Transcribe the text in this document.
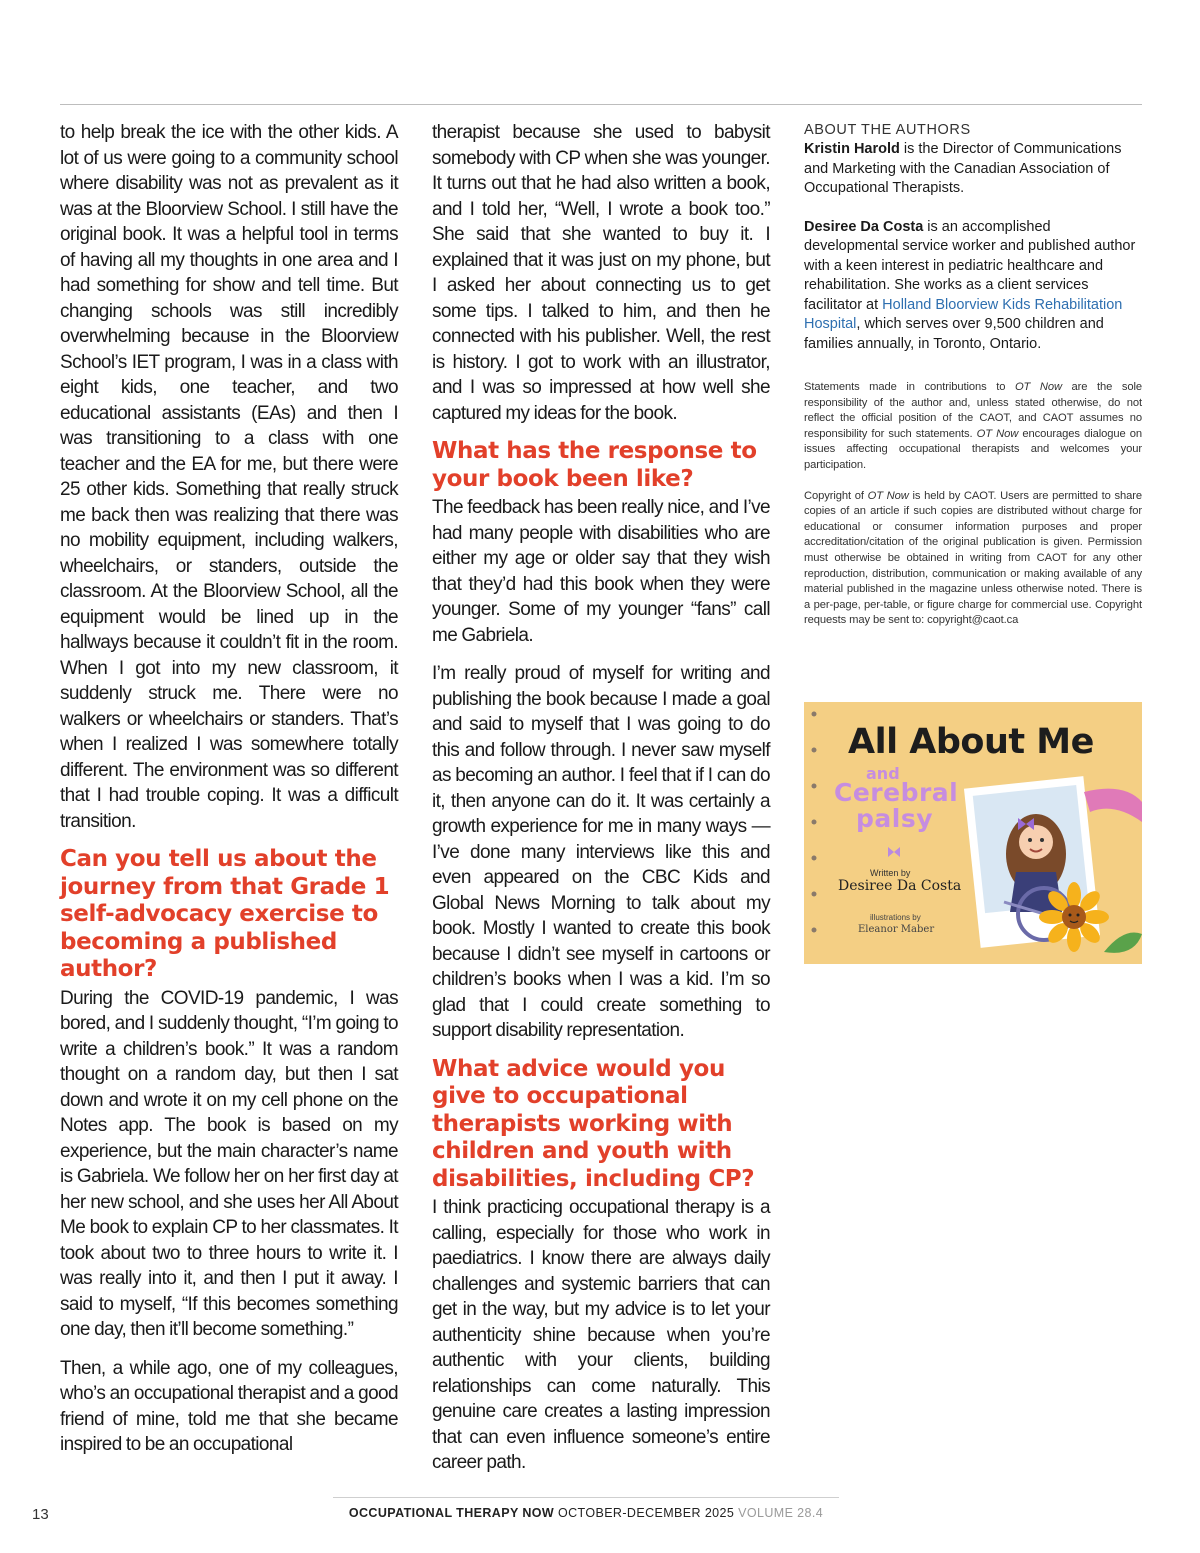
to help break the ice with the other kids. A lot of us were going to a community school where disability was not as prevalent as it was at the Bloorview School. I still have the original book. It was a helpful tool in terms of having all my thoughts in one area and I had something for show and tell time. But changing schools was still incredibly overwhelming because in the Bloorview School’s IET program, I was in a class with eight kids, one teacher, and two educational assistants (EAs) and then I was transitioning to a class with one teacher and the EA for me, but there were 25 other kids. Something that really struck me back then was realizing that there was no mobility equipment, including walkers, wheelchairs, or standers, outside the classroom. At the Bloorview School, all the equipment would be lined up in the hallways because it couldn’t fit in the room. When I got into my new classroom, it suddenly struck me. There were no walkers or wheelchairs or standers. That’s when I realized I was somewhere totally different. The environment was so different that I had trouble coping. It was a difficult transition.

Can you tell us about the journey from that Grade 1 self-advocacy exercise to becoming a published author?

During the COVID-19 pandemic, I was bored, and I suddenly thought, “I’m going to write a children’s book.” It was a random thought on a random day, but then I sat down and wrote it on my cell phone on the Notes app. The book is based on my experience, but the main character’s name is Gabriela. We follow her on her first day at her new school, and she uses her All About Me book to explain CP to her classmates. It took about two to three hours to write it. I was really into it, and then I put it away. I said to myself, “If this becomes something one day, then it’ll become something.”

Then, a while ago, one of my colleagues, who’s an occupational therapist and a good friend of mine, told me that she became inspired to be an occupational

therapist because she used to babysit somebody with CP when she was younger. It turns out that he had also written a book, and I told her, “Well, I wrote a book too.” She said that she wanted to buy it. I explained that it was just on my phone, but I asked her about connecting us to get some tips. I talked to him, and then he connected with his publisher. Well, the rest is history. I got to work with an illustrator, and I was so impressed at how well she captured my ideas for the book.

What has the response to your book been like?

The feedback has been really nice, and I’ve had many people with disabilities who are either my age or older say that they wish that they’d had this book when they were younger. Some of my younger “fans” call me Gabriela.

I’m really proud of myself for writing and publishing the book because I made a goal and said to myself that I was going to do this and follow through. I never saw myself as becoming an author. I feel that if I can do it, then anyone can do it. It was certainly a growth experience for me in many ways — I’ve done many interviews like this and even appeared on the CBC Kids and Global News Morning to talk about my book. Mostly I wanted to create this book because I didn’t see myself in cartoons or children’s books when I was a kid. I’m so glad that I could create something to support disability representation.

What advice would you give to occupational therapists working with children and youth with disabilities, including CP?

I think practicing occupational therapy is a calling, especially for those who work in paediatrics. I know there are always daily challenges and systemic barriers that can get in the way, but my advice is to let your authenticity shine because when you’re authentic with your clients, building relationships can come naturally. This genuine care creates a lasting impression that can even influence someone’s entire career path.

ABOUT THE AUTHORS

Kristin Harold is the Director of Communications and Marketing with the Canadian Association of Occupational Therapists.

Desiree Da Costa is an accomplished developmental service worker and published author with a keen interest in pediatric healthcare and rehabilitation. She works as a client services facilitator at Holland Bloorview Kids Rehabilitation Hospital, which serves over 9,500 children and families annually, in Toronto, Ontario.

Statements made in contributions to OT Now are the sole responsibility of the author and, unless stated otherwise, do not reflect the official position of the CAOT, and CAOT assumes no responsibility for such statements. OT Now encourages dialogue on issues affecting occupational therapists and welcomes your participation.

Copyright of OT Now is held by CAOT. Users are permitted to share copies of an article if such copies are distributed without charge for educational or consumer information purposes and proper accreditation/citation of the original publication is given. Permission must otherwise be obtained in writing from CAOT for any other reproduction, distribution, communication or making available of any material published in the magazine unless otherwise noted. There is a per-page, per-table, or figure charge for commercial use. Copyright requests may be sent to: copyright@caot.ca

All About Me
and
Cerebral
palsy
Written by
Desiree Da Costa
illustrations by
Eleanor Maber
13	OCCUPATIONAL THERAPY NOW OCTOBER-DECEMBER 2025 VOLUME 28.4
